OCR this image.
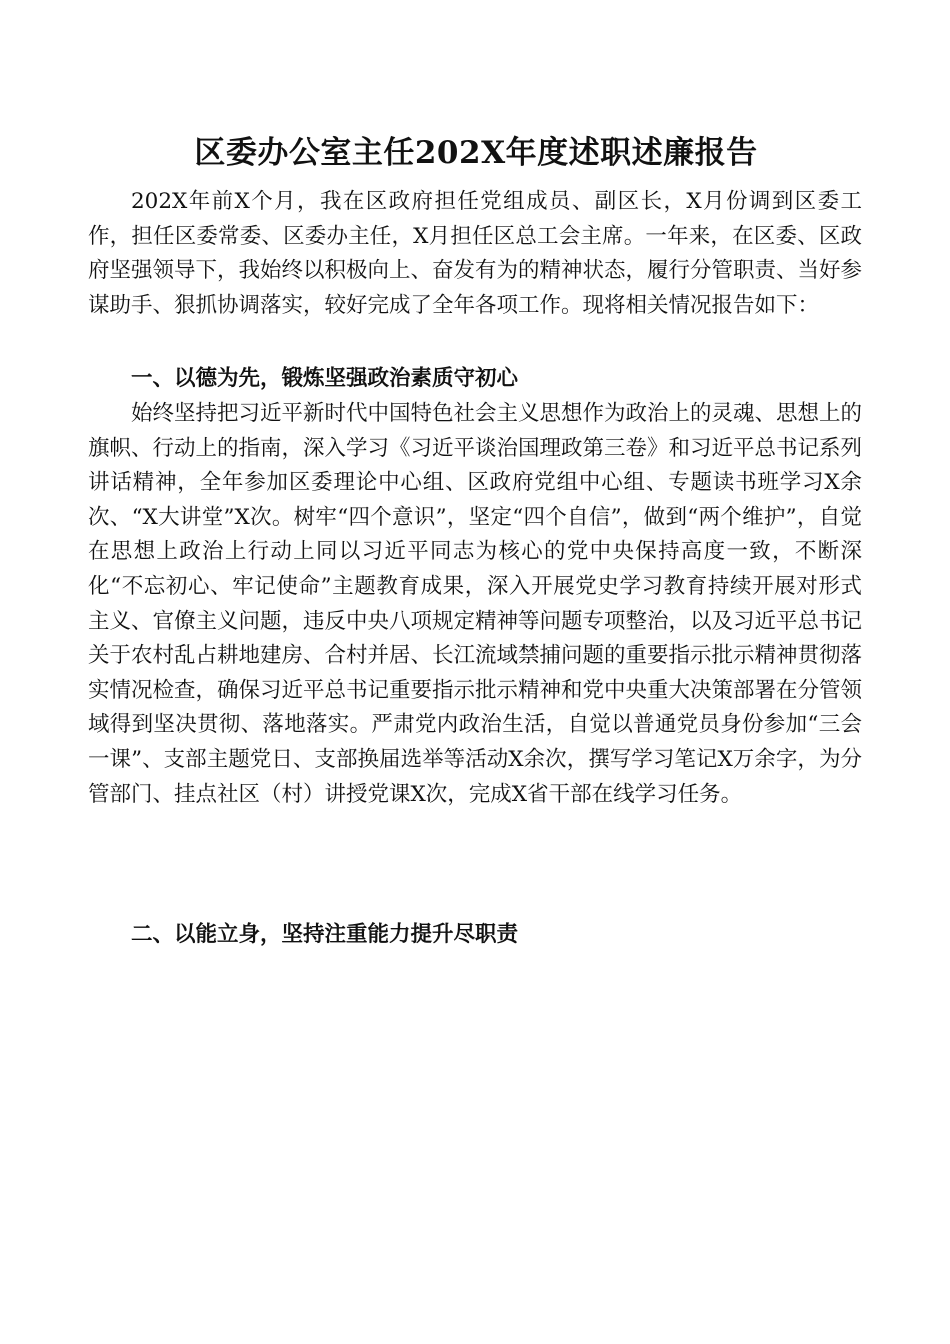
区委办公室主任202X年度述职述廉报告

202X年前X个月，我在区政府担任党组成员、副区长，X月份调到区委工作，担任区委常委、区委办主任，X月担任区总工会主席。一年来，在区委、区政府坚强领导下，我始终以积极向上、奋发有为的精神状态，履行分管职责、当好参谋助手、狠抓协调落实，较好完成了全年各项工作。现将相关情况报告如下：

一、以德为先，锻炼坚强政治素质守初心

始终坚持把习近平新时代中国特色社会主义思想作为政治上的灵魂、思想上的旗帜、行动上的指南，深入学习《习近平谈治国理政第三卷》和习近平总书记系列讲话精神，全年参加区委理论中心组、区政府党组中心组、专题读书班学习X余次、“X大讲堂”X次。树牢“四个意识”，坚定“四个自信”，做到“两个维护”，自觉在思想上政治上行动上同以习近平同志为核心的党中央保持高度一致，不断深化“不忘初心、牢记使命”主题教育成果，深入开展党史学习教育持续开展对形式主义、官僚主义问题，违反中央八项规定精神等问题专项整治，以及习近平总书记关于农村乱占耕地建房、合村并居、长江流域禁捕问题的重要指示批示精神贯彻落实情况检查，确保习近平总书记重要指示批示精神和党中央重大决策部署在分管领域得到坚决贯彻、落地落实。严肃党内政治生活，自觉以普通党员身份参加“三会一课”、支部主题党日、支部换届选举等活动X余次，撰写学习笔记X万余字，为分管部门、挂点社区（村）讲授党课X次，完成X省干部在线学习任务。

二、以能立身，坚持注重能力提升尽职责
